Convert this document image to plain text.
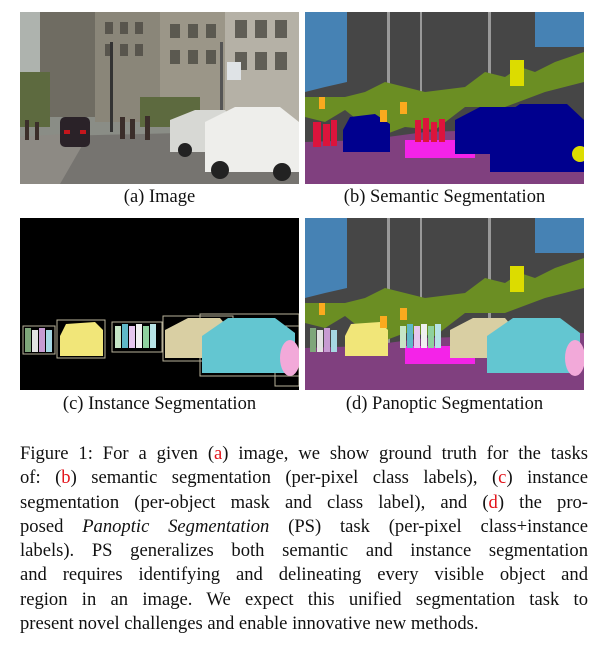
(a) Image	(b) Semantic Segmentation
(c) Instance Segmentation	(d) Panoptic Segmentation
Figure 1: For a given (a) image, we show ground truth for the tasks
of: (b) semantic segmentation (per-pixel class labels), (c) instance
segmentation (per-object mask and class label), and (d) the pro-
posed Panoptic Segmentation (PS) task (per-pixel class+instance
labels). PS generalizes both semantic and instance segmentation
and requires identifying and delineating every visible object and
region in an image. We expect this unified segmentation task to
present novel challenges and enable innovative new methods.
